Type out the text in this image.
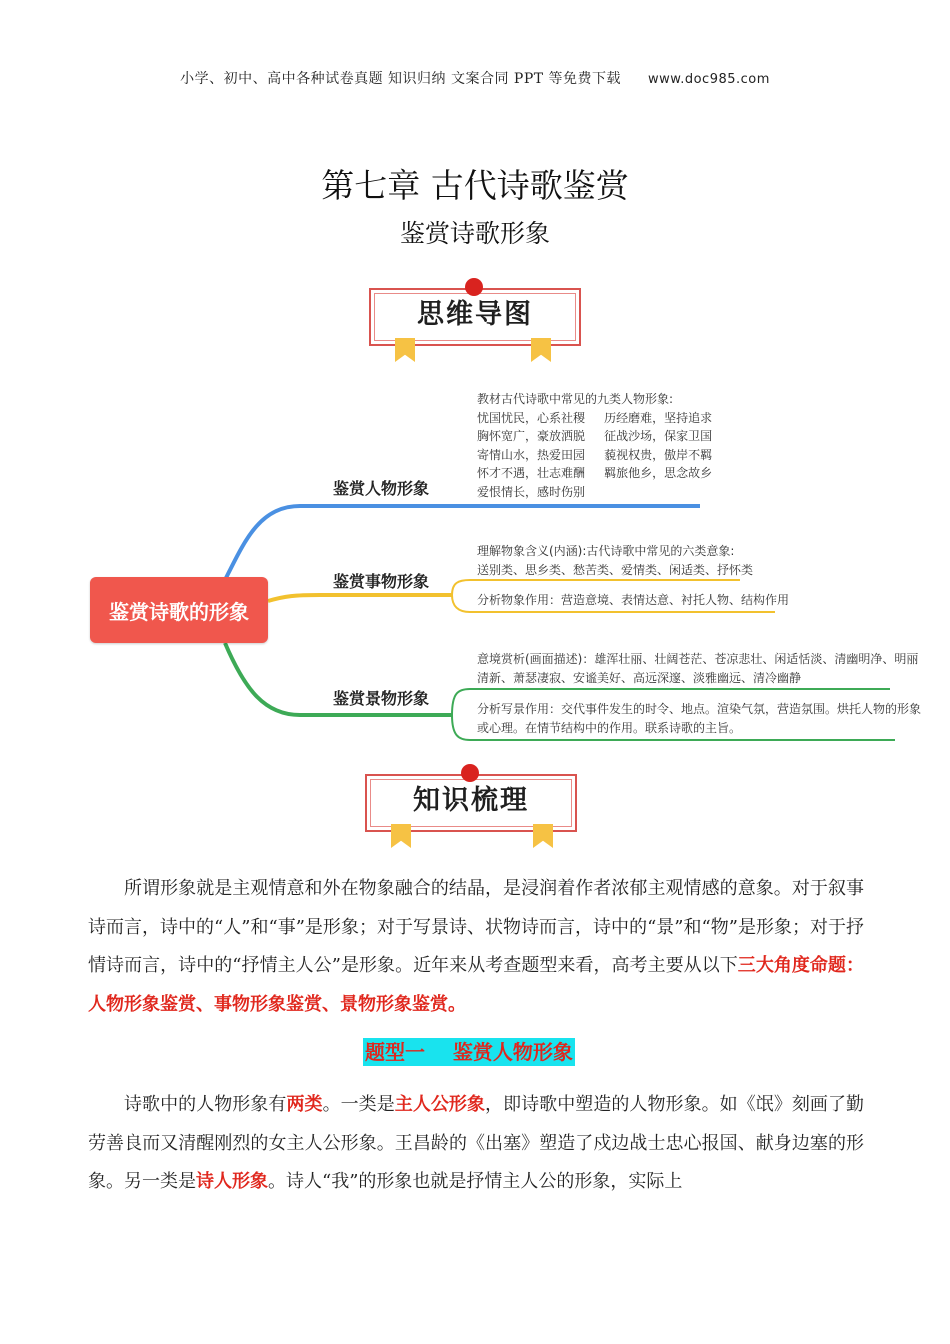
小学、初中、高中各种试卷真题 知识归纳 文案合同 PPT 等免费下载 www.doc985.com
第七章 古代诗歌鉴赏
鉴赏诗歌形象
思维导图
鉴赏诗歌的形象
鉴赏人物形象
教材古代诗歌中常见的九类人物形象:
忧国忧民，心系社稷     历经磨难，坚持追求
胸怀宽广，豪放洒脱     征战沙场，保家卫国
寄情山水，热爱田园     藐视权贵，傲岸不羁
怀才不遇，壮志难酬     羁旅他乡，思念故乡
爱恨情长，感时伤别
鉴赏事物形象
理解物象含义(内涵):古代诗歌中常见的六类意象:
送别类、思乡类、愁苦类、爱情类、闲适类、抒怀类
分析物象作用：营造意境、表情达意、衬托人物、结构作用
鉴赏景物形象
意境赏析(画面描述)：雄浑壮丽、壮阔苍茫、苍凉悲壮、闲适恬淡、清幽明净、明丽
清新、萧瑟凄寂、安谧美好、高远深邃、淡雅幽远、清冷幽静
分析写景作用：交代事件发生的时令、地点。渲染气氛，营造氛围。烘托人物的形象
或心理。在情节结构中的作用。联系诗歌的主旨。
知识梳理
所谓形象就是主观情意和外在物象融合的结晶，是浸润着作者浓郁主观情感的意象。对于叙事诗而言，诗中的“人”和“事”是形象；对于写景诗、状物诗而言，诗中的“景”和“物”是形象；对于抒情诗而言，诗中的“抒情主人公”是形象。近年来从考查题型来看，高考主要从以下三大角度命题：人物形象鉴赏、事物形象鉴赏、景物形象鉴赏。
题型一    鉴赏人物形象
诗歌中的人物形象有两类。一类是主人公形象，即诗歌中塑造的人物形象。如《氓》刻画了勤劳善良而又清醒刚烈的女主人公形象。王昌龄的《出塞》塑造了戍边战士忠心报国、献身边塞的形象。另一类是诗人形象。诗人“我”的形象也就是抒情主人公的形象，实际上
